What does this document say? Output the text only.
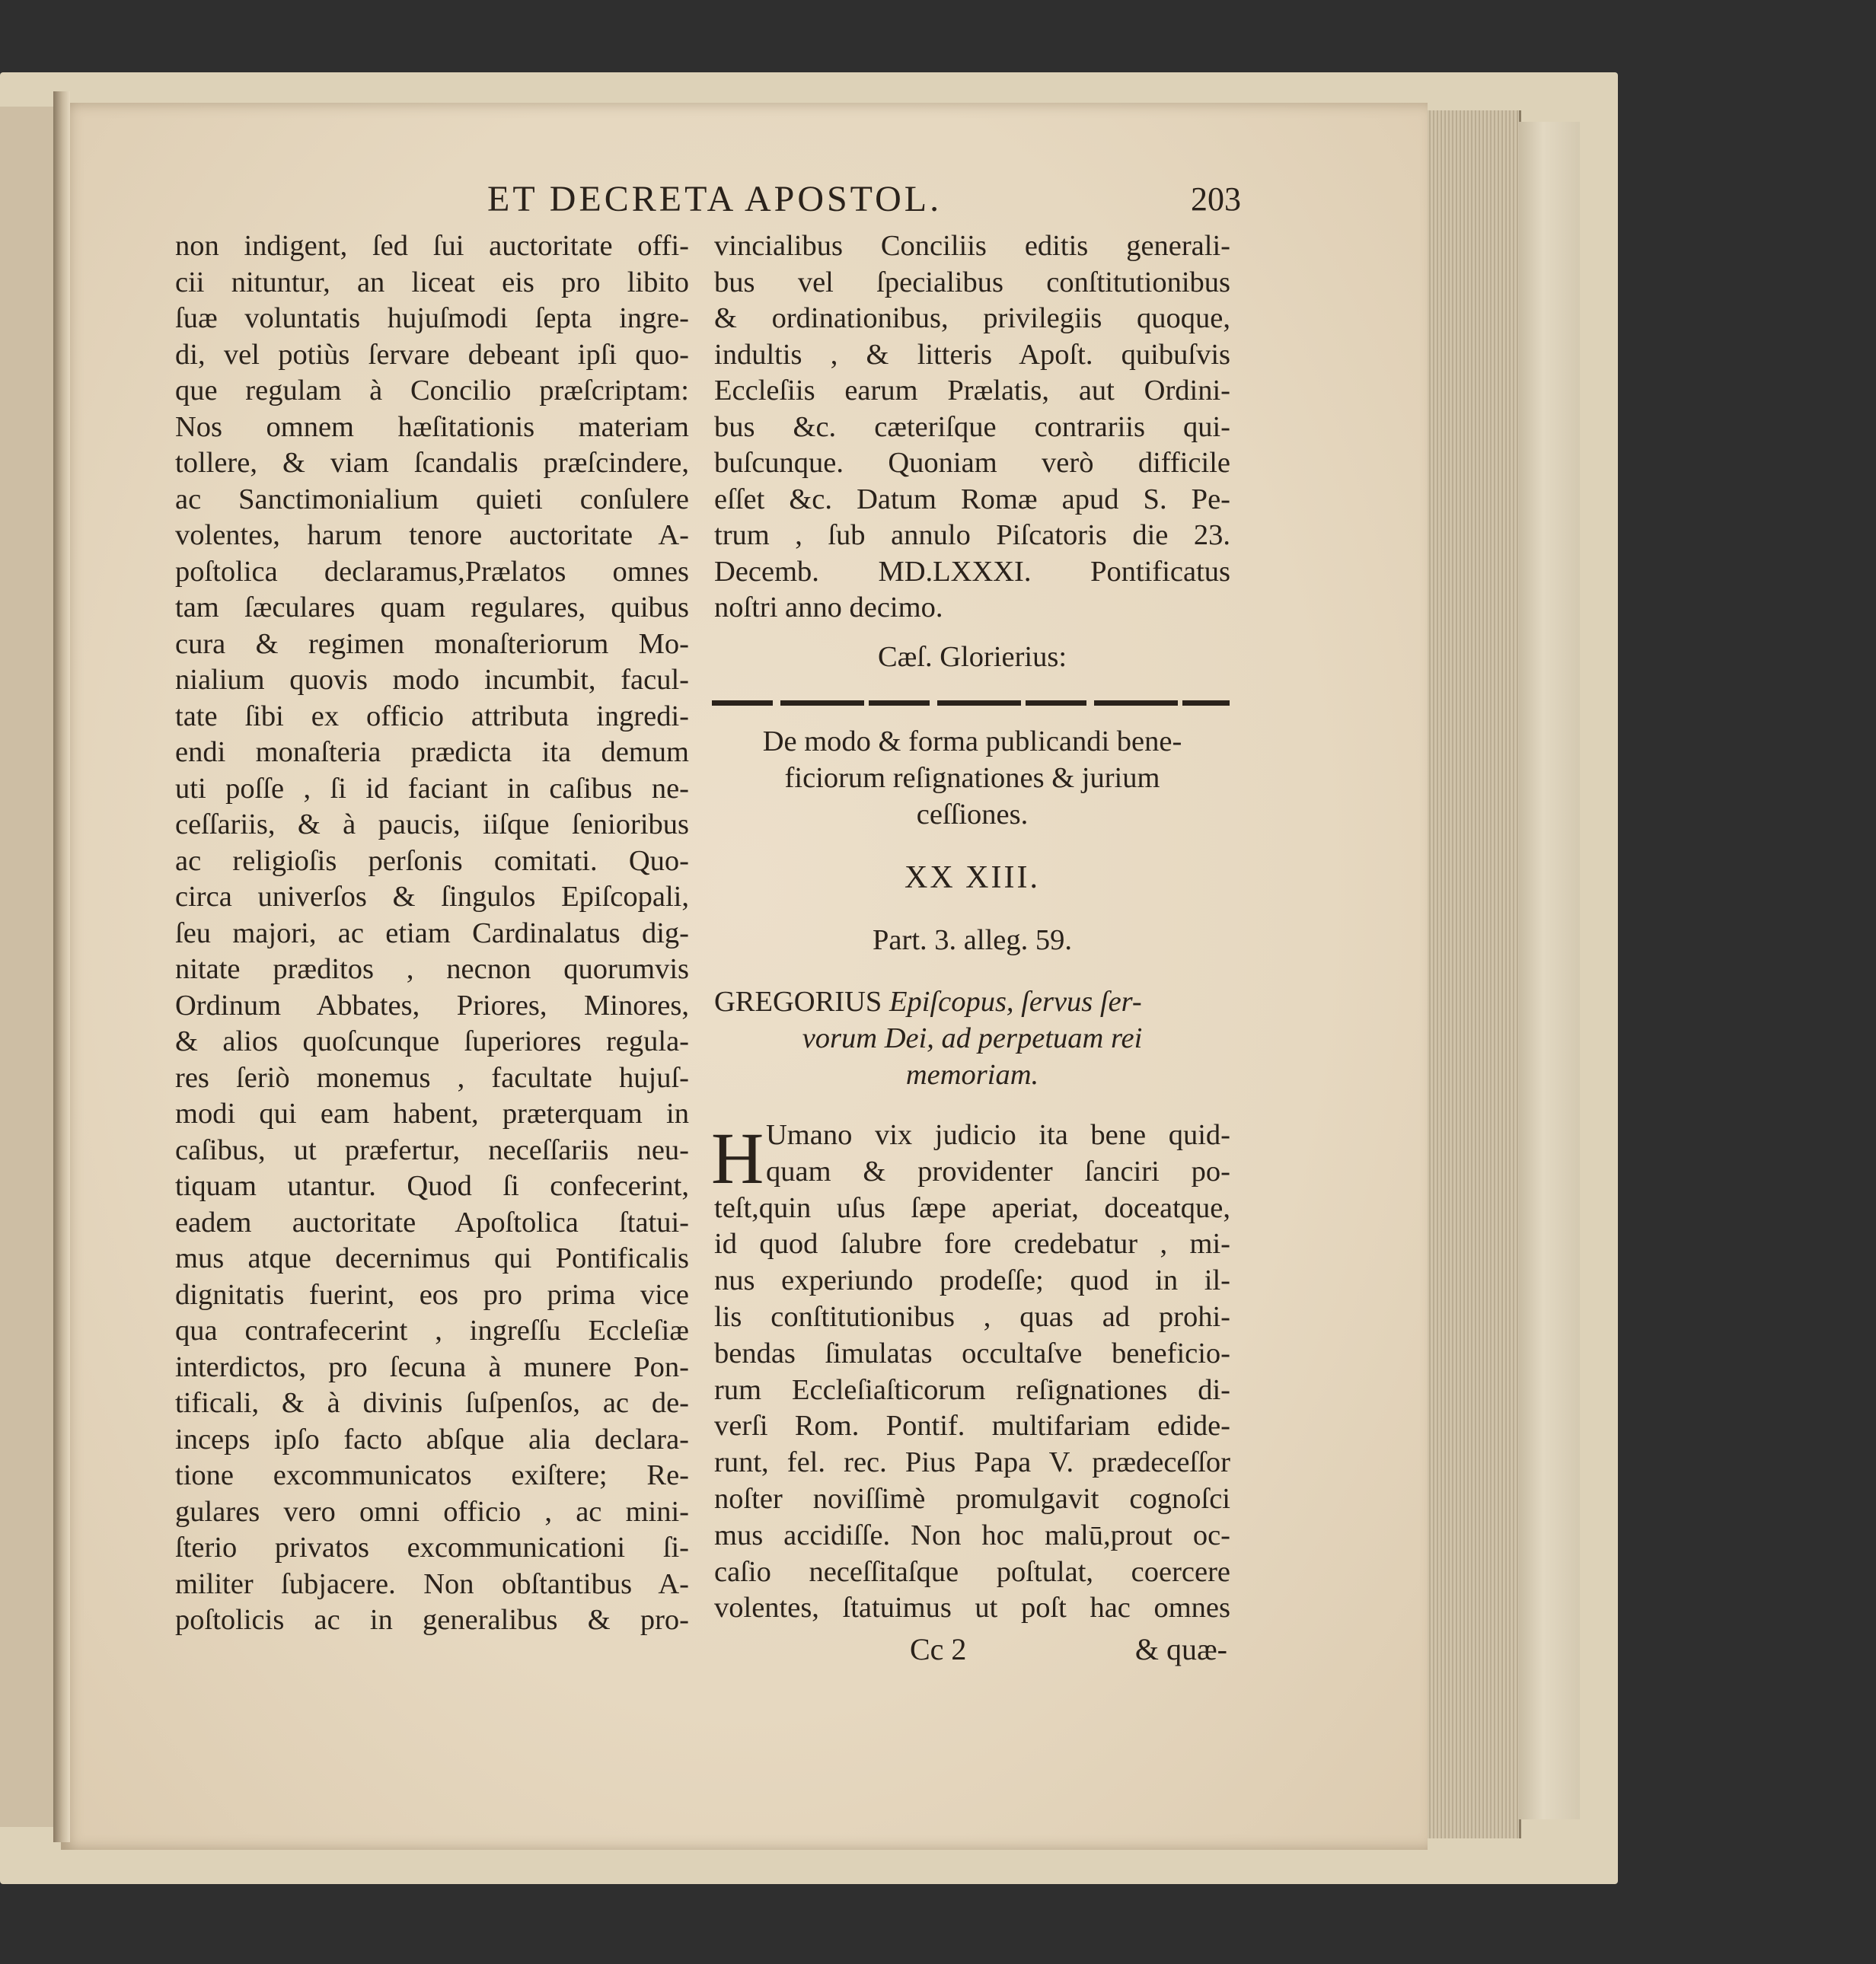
ET DECRETA APOSTOL.	203
non indigent, ſed ſui auctoritate offi-
cii nituntur, an liceat eis pro libito
ſuæ voluntatis hujuſmodi ſepta ingre-
di, vel potiùs ſervare debeant ipſi quo-
que regulam à Concilio præſcriptam:
Nos omnem hæſitationis materiam
tollere, & viam ſcandalis præſcindere,
ac Sanctimonialium quieti conſulere
volentes, harum tenore auctoritate A-
poſtolica declaramus,Prælatos omnes
tam ſæculares quam regulares, quibus
cura & regimen monaſteriorum Mo-
nialium quovis modo incumbit, facul-
tate ſibi ex officio attributa ingredi-
endi monaſteria prædicta ita demum
uti poſſe , ſi id faciant in caſibus ne-
ceſſariis, & à paucis, iiſque ſenioribus
ac religioſis perſonis comitati. Quo-
circa univerſos & ſingulos Epiſcopali,
ſeu majori, ac etiam Cardinalatus dig-
nitate præditos , necnon quorumvis
Ordinum Abbates, Priores, Minores,
& alios quoſcunque ſuperiores regula-
res ſeriò monemus , facultate hujuſ-
modi qui eam habent, præterquam in
caſibus, ut præfertur, neceſſariis neu-
tiquam utantur. Quod ſi confecerint,
eadem auctoritate Apoſtolica ſtatui-
mus atque decernimus qui Pontificalis
dignitatis fuerint, eos pro prima vice
qua contrafecerint , ingreſſu Eccleſiæ
interdictos, pro ſecuna à munere Pon-
tificali, & à divinis ſuſpenſos, ac de-
inceps ipſo facto abſque alia declara-
tione excommunicatos exiſtere; Re-
gulares vero omni officio , ac mini-
ſterio privatos excommunicationi ſi-
militer ſubjacere. Non obſtantibus A-
poſtolicis ac in generalibus & pro-
vincialibus Conciliis editis generali-
bus vel ſpecialibus conſtitutionibus
& ordinationibus, privilegiis quoque,
indultis , & litteris Apoſt. quibuſvis
Eccleſiis earum Prælatis, aut Ordini-
bus &c. cæteriſque contrariis qui-
buſcunque. Quoniam verò difficile
eſſet &c. Datum Romæ apud S. Pe-
trum , ſub annulo Piſcatoris die 23.
Decemb. MD.LXXXI. Pontificatus
noſtri anno decimo.
Cæſ. Glorierius:
De modo & forma publicandi bene-
ficiorum reſignationes & jurium
ceſſiones.
XX XIII.
Part. 3. alleg. 59.
GREGORIUS Epiſcopus, ſervus ſer-
vorum Dei, ad perpetuam rei
memoriam.
H Umano vix judicio ita bene quid-
quam & providenter ſanciri po-
teſt,quin uſus ſæpe aperiat, doceatque,
id quod ſalubre fore credebatur , mi-
nus experiundo prodeſſe; quod in il-
lis conſtitutionibus , quas ad prohi-
bendas ſimulatas occultaſve beneficio-
rum Eccleſiaſticorum reſignationes di-
verſi Rom. Pontif. multifariam edide-
runt, fel. rec. Pius Papa V. prædeceſſor
noſter noviſſimè promulgavit cognoſci
mus accidiſſe. Non hoc malū,prout oc-
caſio neceſſitaſque poſtulat, coercere
volentes, ſtatuimus ut poſt hac omnes
Cc 2	& quæ-
